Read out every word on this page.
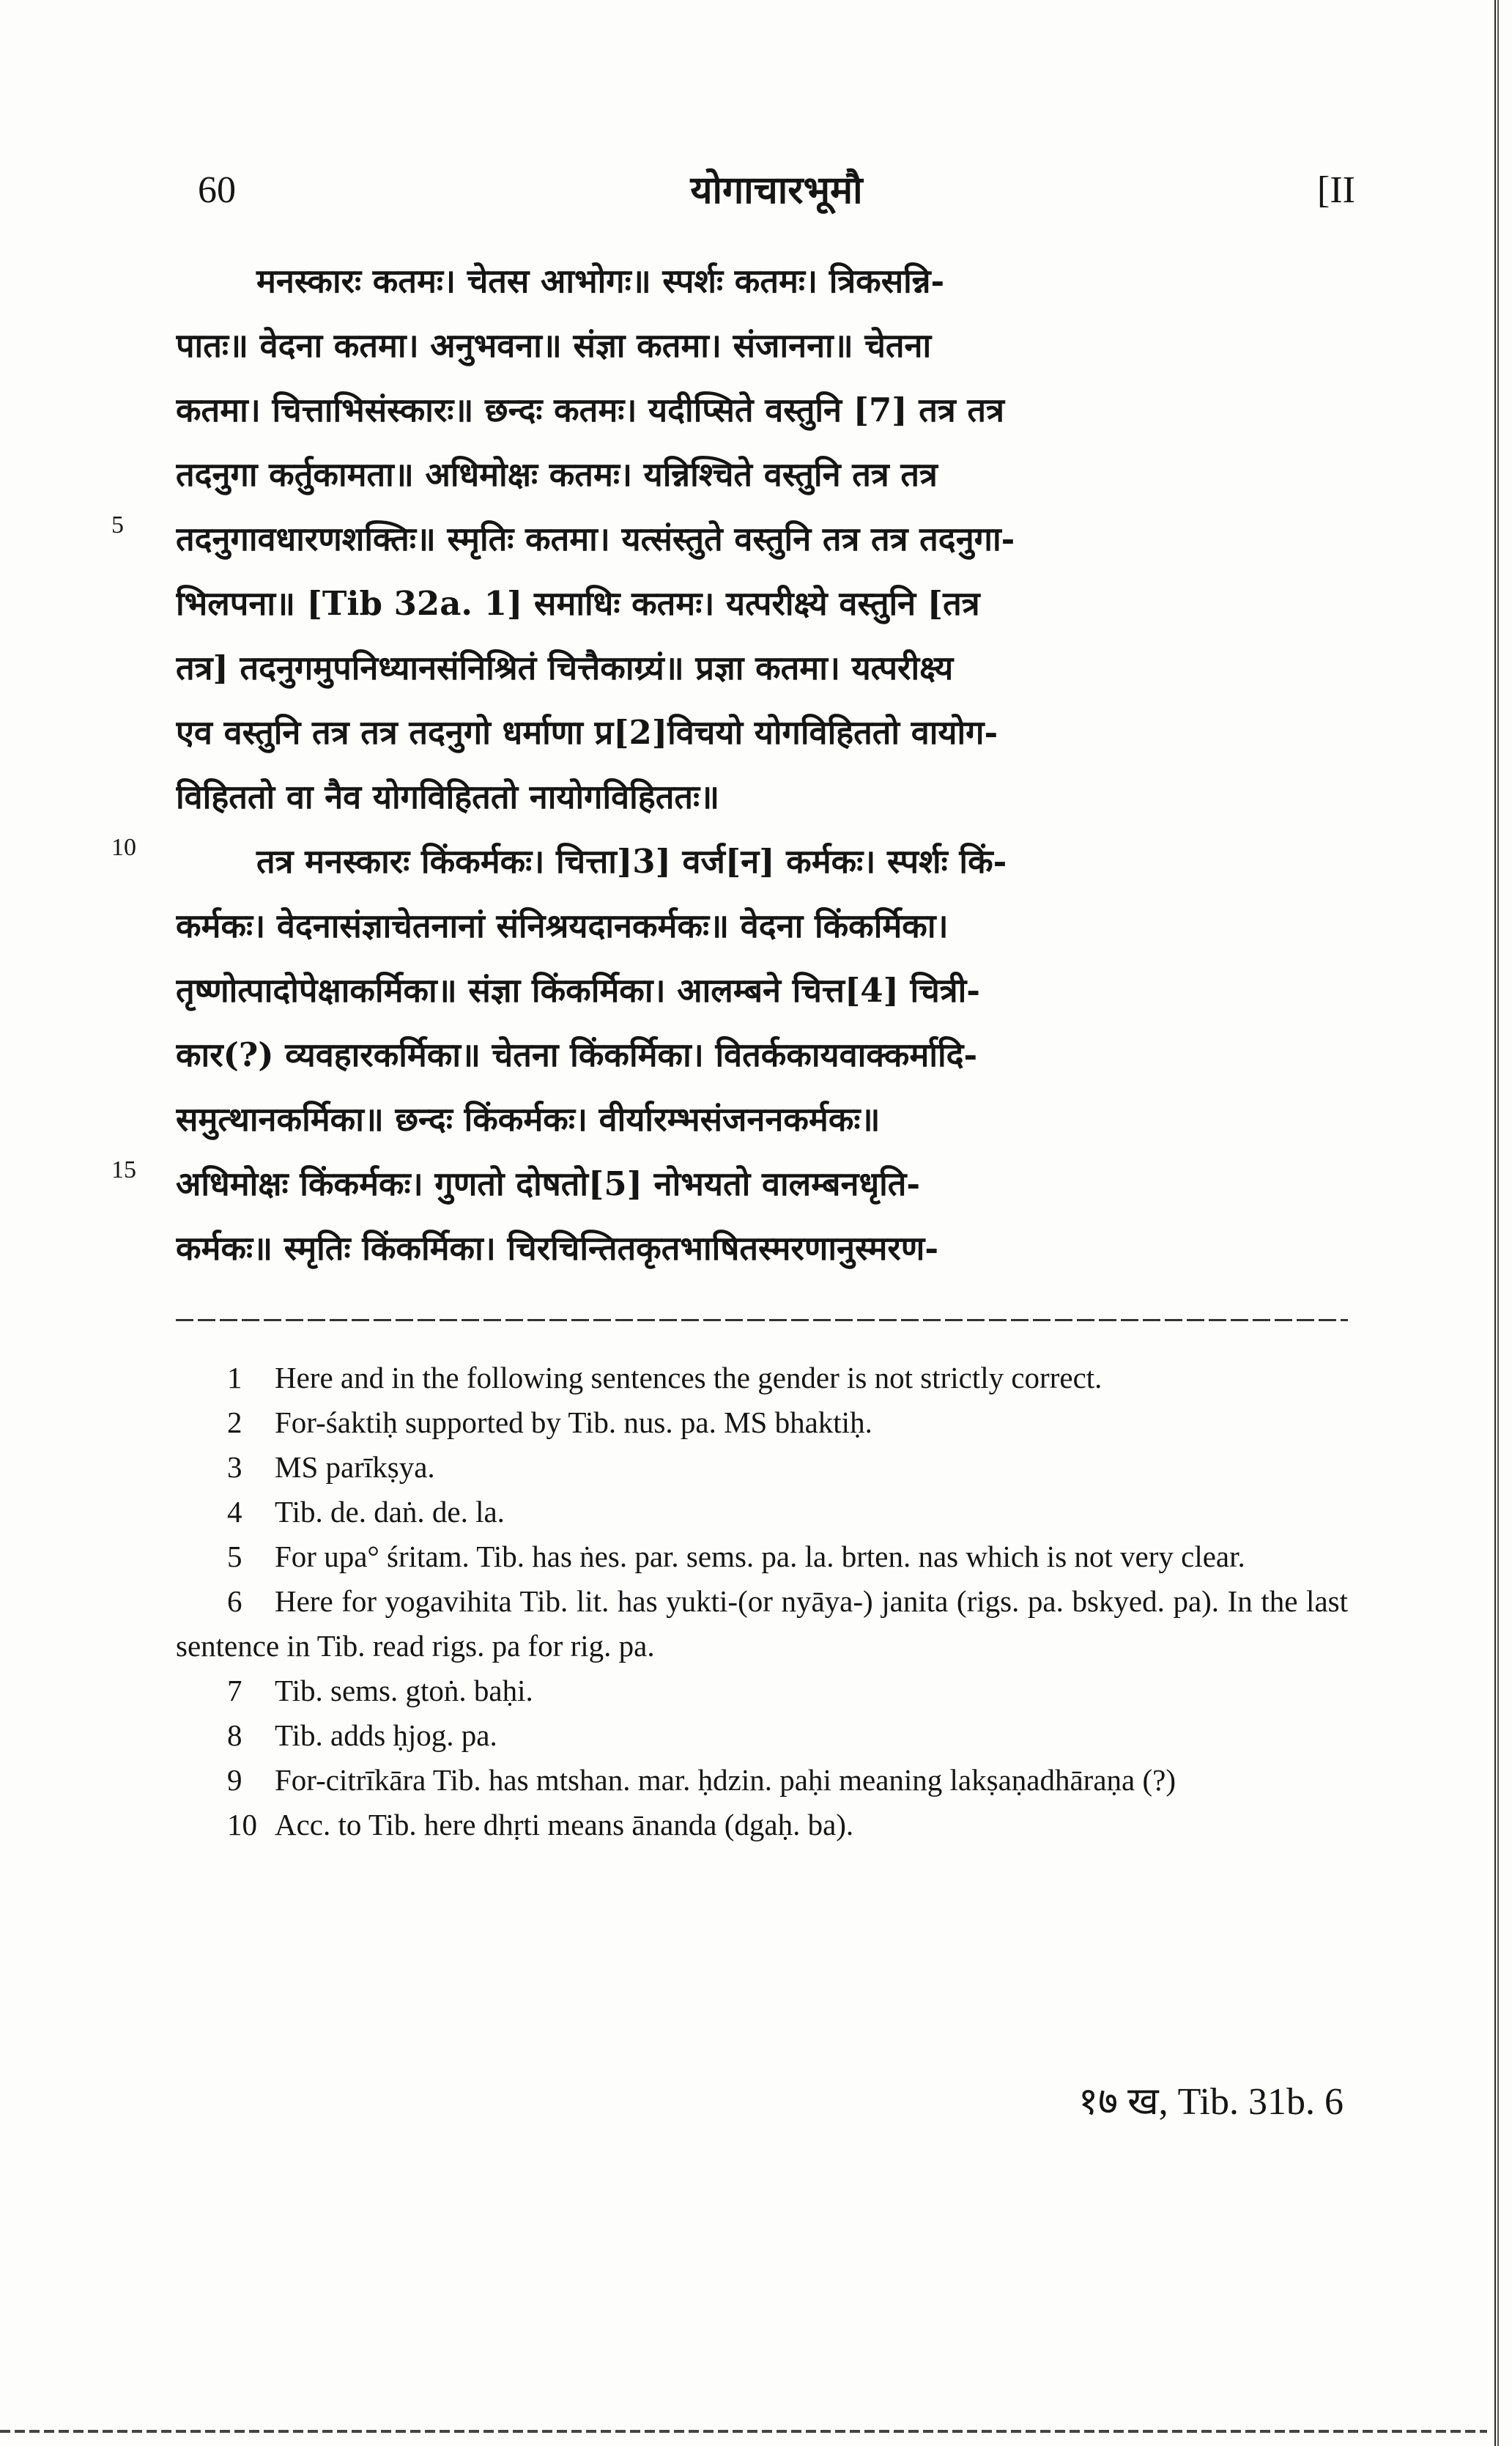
60	योगाचारभूमौ	[II
5
10
15
मनस्कारः कतमः। चेतस आभोगः॥ स्पर्शः कतमः। त्रिकसन्नि-
पातः॥ वेदना कतमा। अनुभवना॥ संज्ञा कतमा। संजानना॥ चेतना
कतमा। चित्ताभिसंस्कारः॥ छन्दः कतमः। यदीप्सिते वस्तुनि [7] तत्र तत्र
तदनुगा कर्तुकामता॥ अधिमोक्षः कतमः। यन्निश्चिते वस्तुनि तत्र तत्र
तदनुगावधारणशक्तिः॥ स्मृतिः कतमा। यत्संस्तुते वस्तुनि तत्र तत्र तदनुगा-
भिलपना॥ [Tib 32a. 1] समाधिः कतमः। यत्परीक्ष्ये वस्तुनि [तत्र
तत्र] तदनुगमुपनिध्यानसंनिश्रितं चित्तैकाग्र्यं॥ प्रज्ञा कतमा। यत्परीक्ष्य
एव वस्तुनि तत्र तत्र तदनुगो धर्माणा प्र[2]विचयो योगविहिततो वायोग-
विहिततो वा नैव योगविहिततो नायोगविहिततः॥
तत्र मनस्कारः किंकर्मकः। चित्ता]3] वर्ज[न] कर्मकः। स्पर्शः किं-
कर्मकः। वेदनासंज्ञाचेतनानां संनिश्रयदानकर्मकः॥ वेदना किंकर्मिका।
तृष्णोत्पादोपेक्षाकर्मिका॥ संज्ञा किंकर्मिका। आलम्बने चित्त[4] चित्री-
कार(?) व्यवहारकर्मिका॥ चेतना किंकर्मिका। वितर्ककायवाक्कर्मादि-
समुत्थानकर्मिका॥ छन्दः किंकर्मकः। वीर्यारम्भसंजननकर्मकः॥
अधिमोक्षः किंकर्मकः। गुणतो दोषतो[5] नोभयतो वालम्बनधृति-
कर्मकः॥ स्मृतिः किंकर्मिका। चिरचिन्तितकृतभाषितस्मरणानुस्मरण-
1 Here and in the following sentences the gender is not strictly correct.
2 For-śaktiḥ supported by Tib. nus. pa. MS bhaktiḥ.
3 MS parīkṣya.
4 Tib. de. daṅ. de. la.
5 For upa° śritam. Tib. has ṅes. par. sems. pa. la. brten. nas which is not very clear.
6 Here for yogavihita Tib. lit. has yukti-(or nyāya-) janita (rigs. pa. bskyed. pa). In the last sentence in Tib. read rigs. pa for rig. pa.
7 Tib. sems. gtoṅ. baḥi.
8 Tib. adds ḥjog. pa.
9 For-citrīkāra Tib. has mtshan. mar. ḥdzin. paḥi meaning lakṣaṇadhāraṇa (?)
10 Acc. to Tib. here dhṛti means ānanda (dgaḥ. ba).
१७ ख, Tib. 31b. 6
